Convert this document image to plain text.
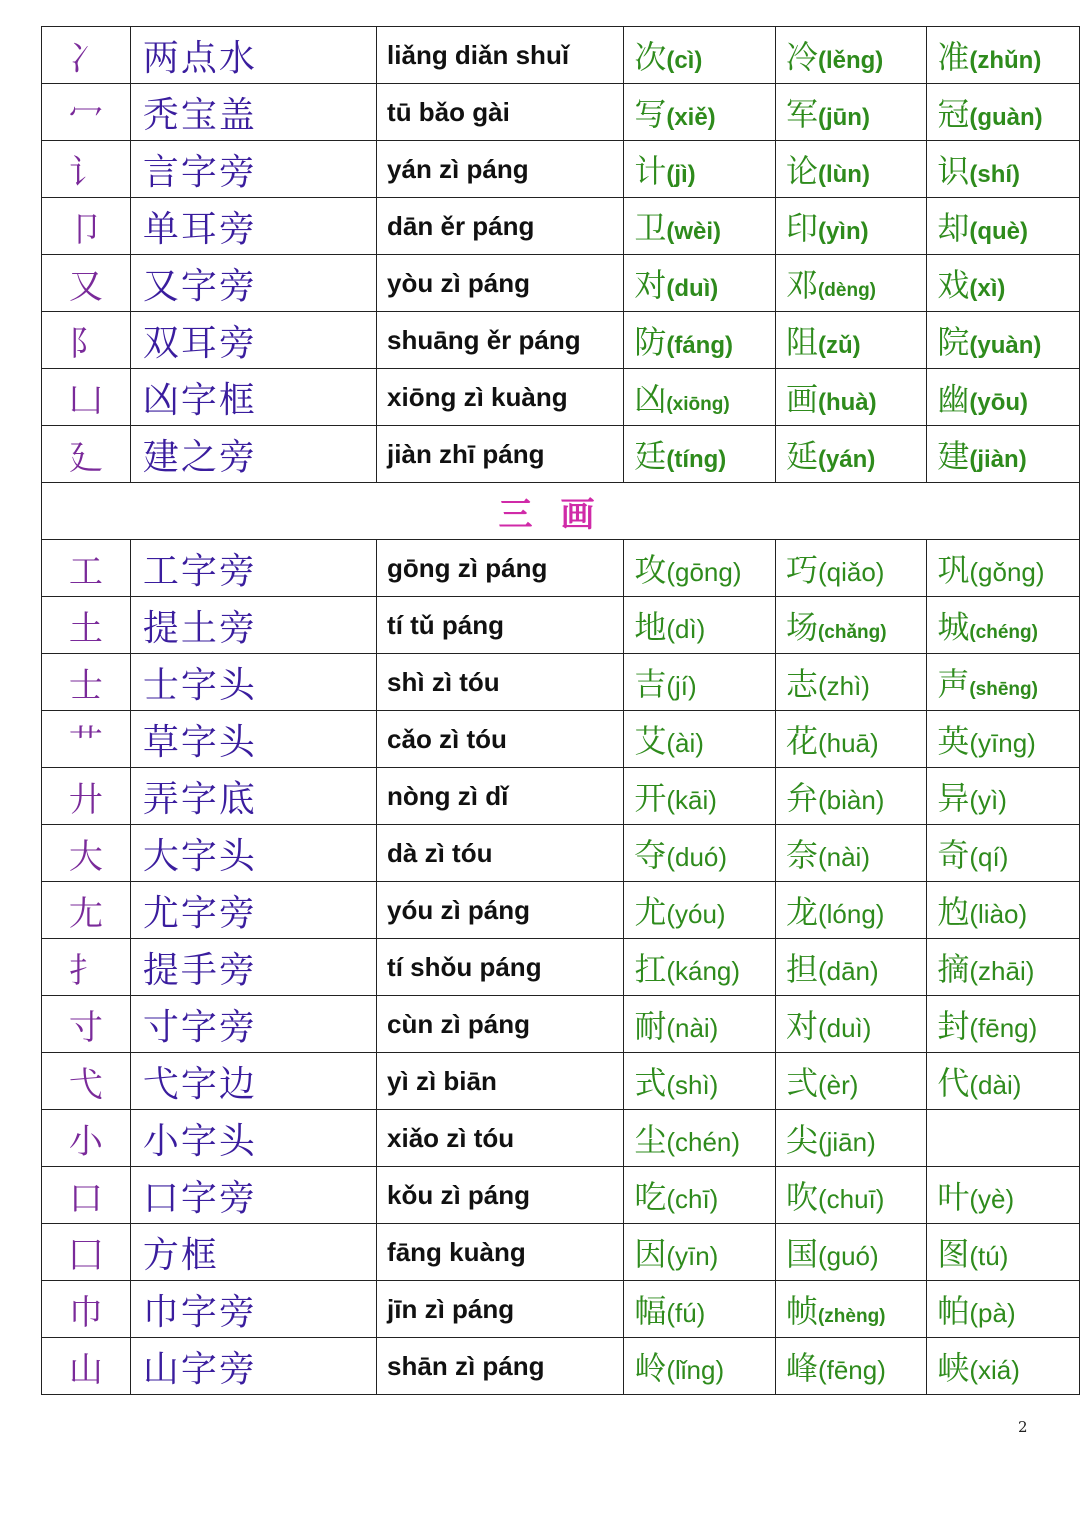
冫	两点水	liǎng diǎn shuǐ	次(cì)	冷(lěng)	准(zhǔn)
冖	秃宝盖	tū bǎo gài	写(xiě)	军(jūn)	冠(guàn)
讠	言字旁	yán zì páng	计(jì)	论(lùn)	识(shí)
卩	单耳旁	dān ěr páng	卫(wèi)	印(yìn)	却(què)
又	又字旁	yòu zì páng	对(duì)	邓(dèng)	戏(xì)
阝	双耳旁	shuāng ěr páng	防(fáng)	阻(zǔ)	院(yuàn)
凵	凶字框	xiōng zì kuàng	凶(xiōng)	画(huà)	幽(yōu)
廴	建之旁	jiàn zhī páng	廷(tíng)	延(yán)	建(jiàn)
三画					
工	工字旁	gōng zì páng	攻(gōng)	巧(qiǎo)	巩(gǒng)
土	提土旁	tí tǔ páng	地(dì)	场(chǎng)	城(chéng)
士	士字头	shì zì tóu	吉(jí)	志(zhì)	声(shēng)
艹	草字头	cǎo zì tóu	艾(ài)	花(huā)	英(yīng)
廾	弄字底	nòng zì dǐ	开(kāi)	弁(biàn)	异(yì)
大	大字头	dà zì tóu	夺(duó)	奈(nài)	奇(qí)
尢	尤字旁	yóu zì páng	尤(yóu)	龙(lóng)	尥(liào)
扌	提手旁	tí shǒu páng	扛(káng)	担(dān)	摘(zhāi)
寸	寸字旁	cùn zì páng	耐(nài)	对(duì)	封(fēng)
弋	弋字边	yì zì biān	式(shì)	弍(èr)	代(dài)
小	小字头	xiǎo zì tóu	尘(chén)	尖(jiān)	
口	口字旁	kǒu zì páng	吃(chī)	吹(chuī)	叶(yè)
囗	方框	fāng kuàng	因(yīn)	国(guó)	图(tú)
巾	巾字旁	jīn zì páng	幅(fú)	帧(zhèng)	帕(pà)
山	山字旁	shān zì páng	岭(lǐng)	峰(fēng)	峡(xiá)
2
